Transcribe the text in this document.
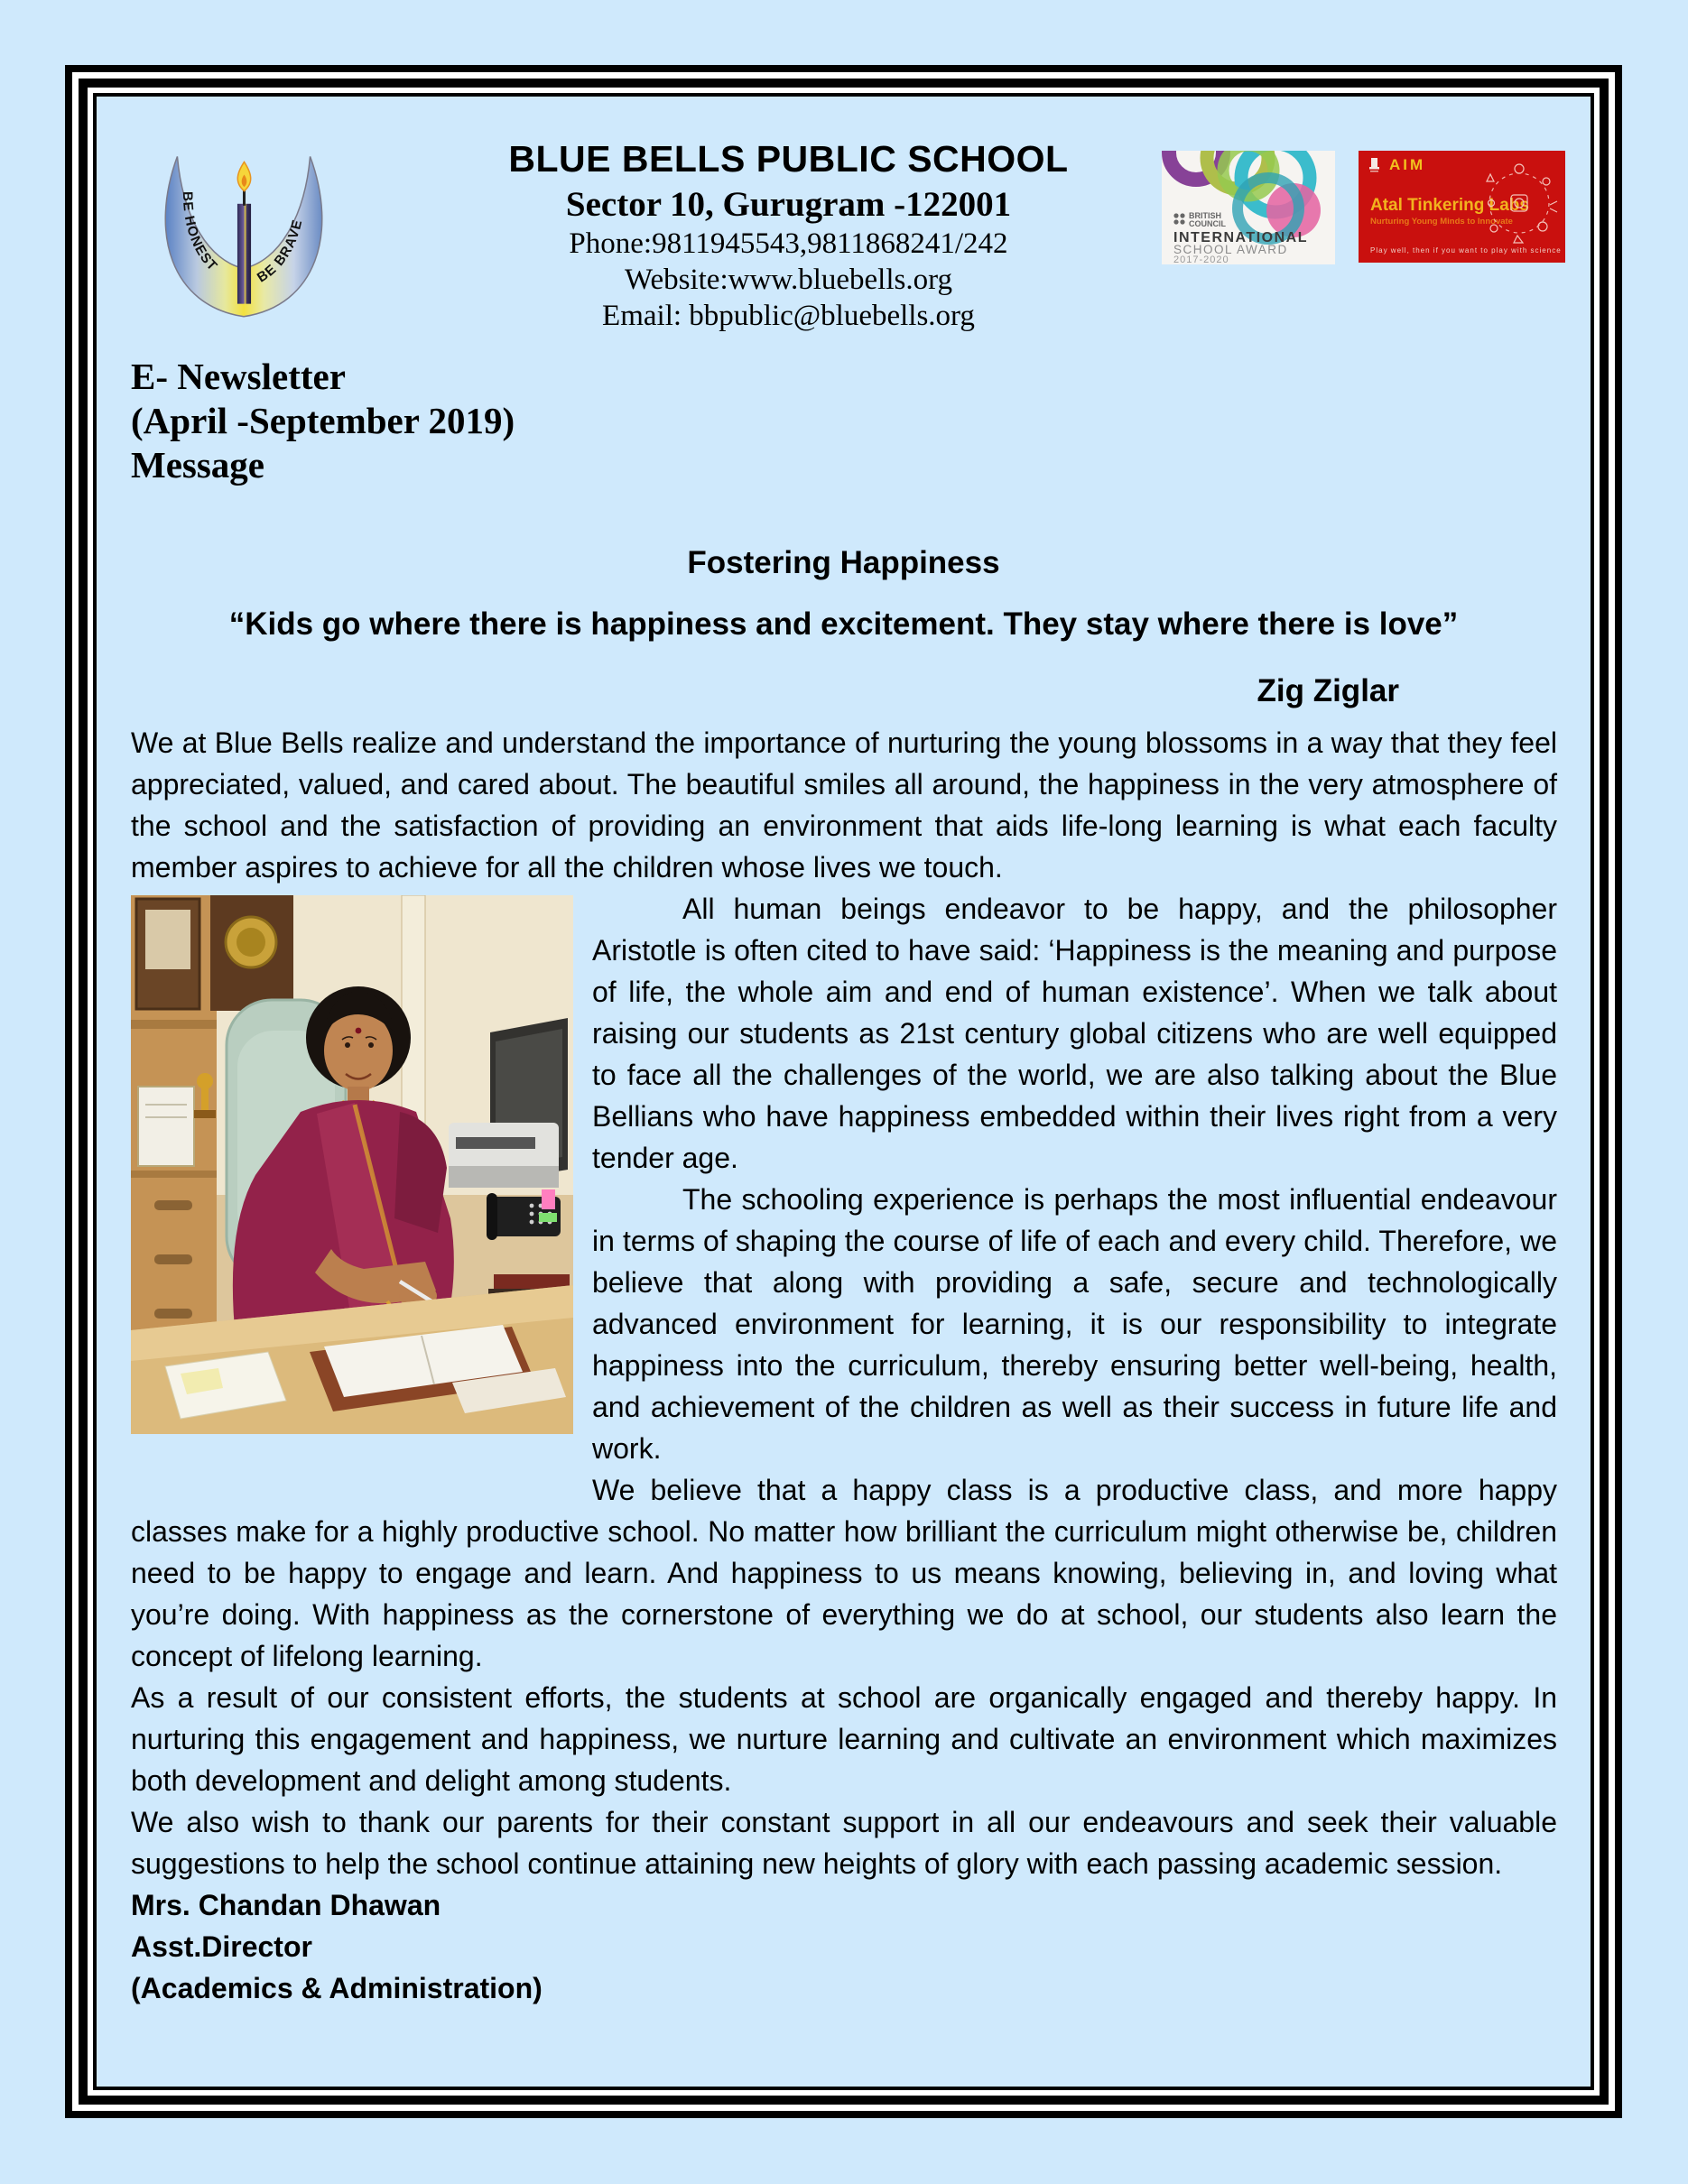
BE HONEST
BE BRAVE
BLUE BELLS PUBLIC SCHOOL
Sector 10, Gurugram -122001
Phone:9811945543,9811868241/242
Website:www.bluebells.org
Email: bbpublic@bluebells.org
BRITISH
COUNCIL
INTERNATIONAL
SCHOOL AWARD
2017-2020
AIM
Atal Tinkering Labs
Nurturing Young Minds to Innovate
Play well, then if you want to play with science
E- Newsletter
(April -September 2019)
Message
Fostering Happiness
“Kids go where there is happiness and excitement. They stay where there is love”
Zig Ziglar

We at Blue Bells realize and understand the importance of nurturing the young blossoms in a way that they feel appreciated, valued, and cared about. The beautiful smiles all around, the happiness in the very atmosphere of the school and the satisfaction of providing an environment that aids life-long learning is what each faculty member aspires to achieve for all the children whose lives we touch.

All human beings endeavor to be happy, and the philosopher Aristotle is often cited to have said: ‘Happiness is the meaning and purpose of life, the whole aim and end of human existence’. When we talk about raising our students as 21st century global citizens who are well equipped to face all the challenges of the world, we are also talking about the Blue Bellians who have happiness embedded within their lives right from a very tender age.

The schooling experience is perhaps the most influential endeavour in terms of shaping the course of life of each and every child. Therefore, we believe that along with providing a safe, secure and technologically advanced environment for learning, it is our responsibility to integrate happiness into the curriculum, thereby ensuring better well-being, health, and achievement of the children as well as their success in future life and work.

We believe that a happy class is a productive class, and more happy classes make for a highly productive school. No matter how brilliant the curriculum might otherwise be, children need to be happy to engage and learn. And happiness to us means knowing, believing in, and loving what you’re doing. With happiness as the cornerstone of everything we do at school, our students also learn the concept of lifelong learning.

As a result of our consistent efforts, the students at school are organically engaged and thereby happy. In nurturing this engagement and happiness, we nurture learning and cultivate an environment which maximizes both development and delight among students.

We also wish to thank our parents for their constant support in all our endeavours and seek their valuable suggestions to help the school continue attaining new heights of glory with each passing academic session.

Mrs. Chandan Dhawan

Asst.Director

(Academics & Administration)
